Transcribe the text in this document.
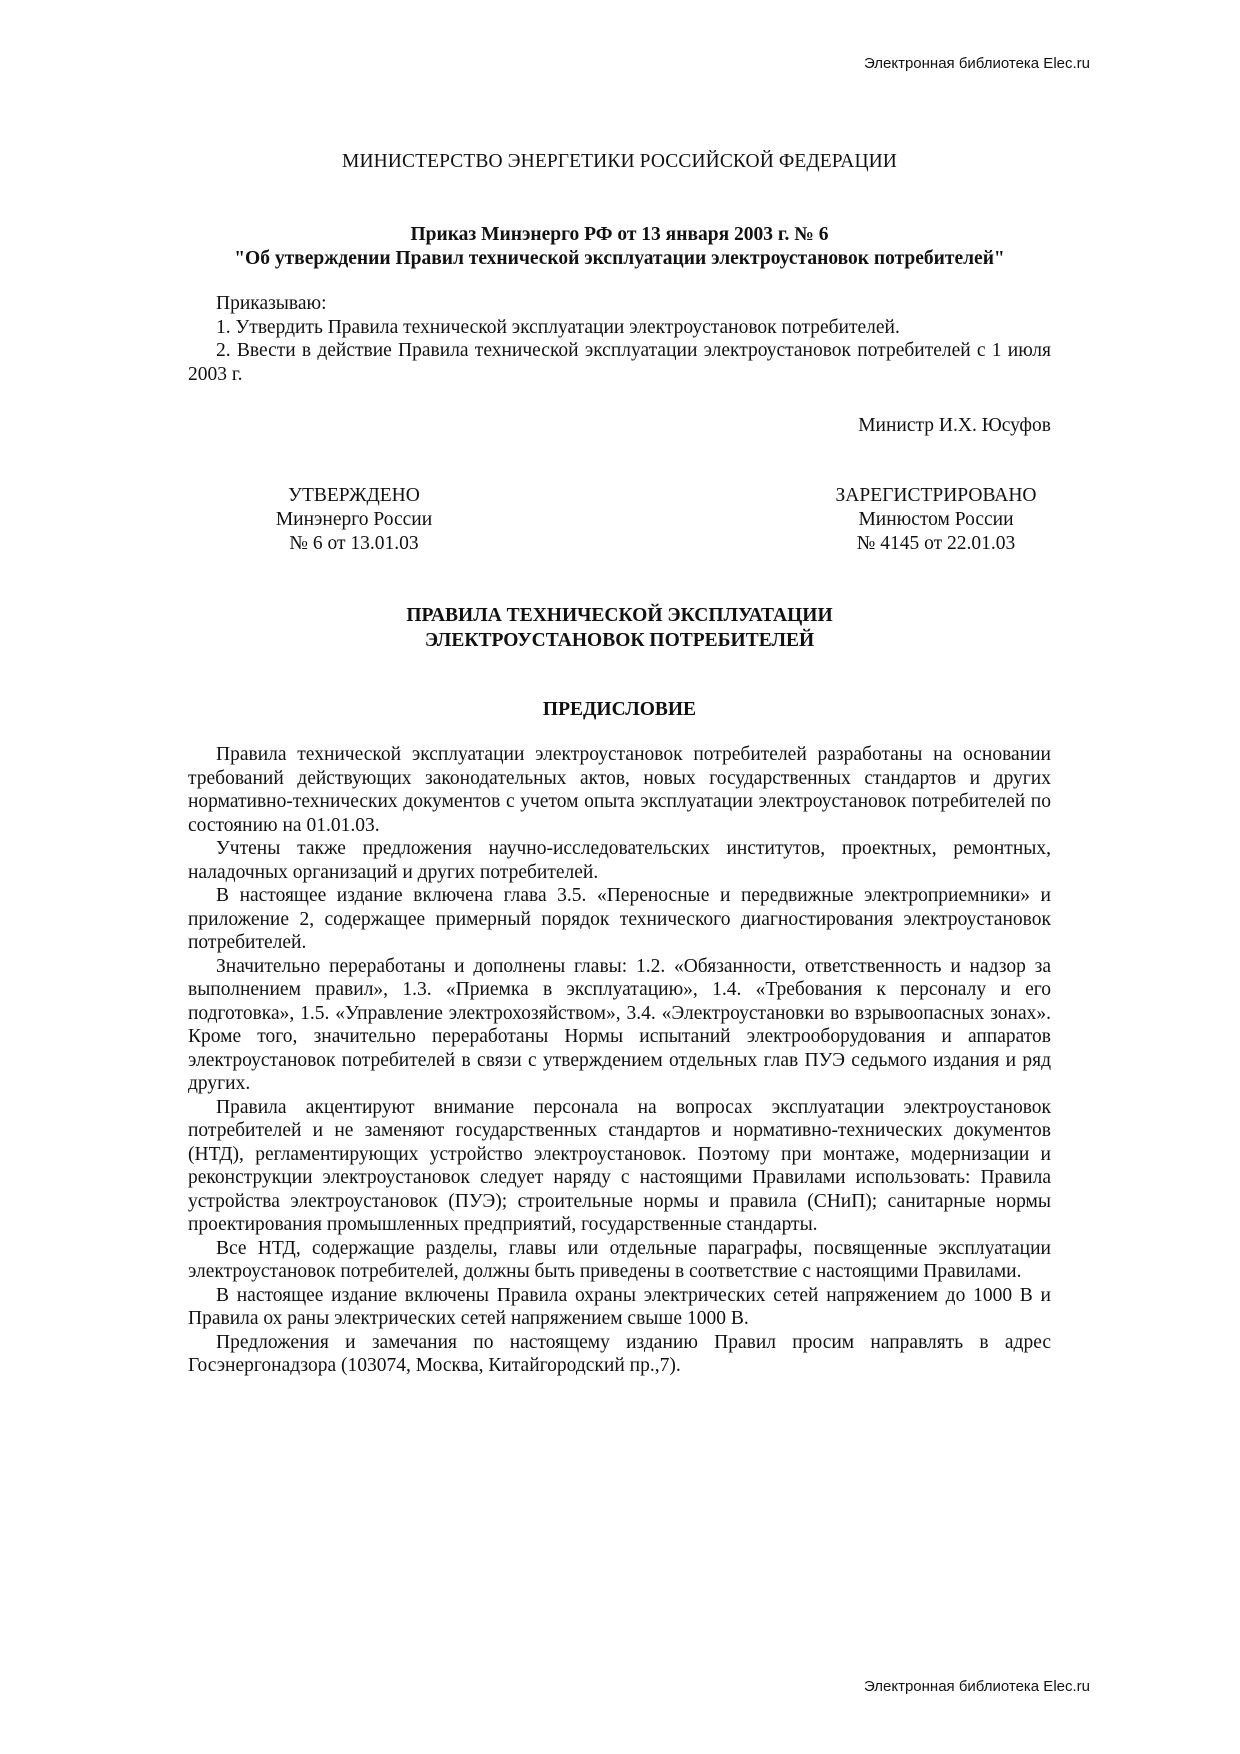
Электронная библиотека Elec.ru
МИНИСТЕРСТВО ЭНЕРГЕТИКИ РОССИЙСКОЙ ФЕДЕРАЦИИ
Приказ Минэнерго РФ от 13 января 2003 г. № 6
"Об утверждении Правил технической эксплуатации электроустановок потребителей"

Приказываю:

1. Утвердить Правила технической эксплуатации электроустановок потребителей.

2. Ввести в действие Правила технической эксплуатации электроустановок потребителей с 1 июля 2003 г.

Министр И.Х. Юсуфов
УТВЕРЖДЕНО
Минэнерго России
№ 6 от 13.01.03
ЗАРЕГИСТРИРОВАНО
Минюстом России
№ 4145 от 22.01.03
ПРАВИЛА ТЕХНИЧЕСКОЙ ЭКСПЛУАТАЦИИ
ЭЛЕКТРОУСТАНОВОК ПОТРЕБИТЕЛЕЙ
ПРЕДИСЛОВИЕ

Правила технической эксплуатации электроустановок потребителей разработаны на основании требований действующих законодательных актов, новых государственных стандартов и других нормативно-технических документов с учетом опыта эксплуатации электроустановок потребителей по состоянию на 01.01.03.

Учтены также предложения научно-исследовательских институтов, проектных, ремонтных, наладочных организаций и других потребителей.

В настоящее издание включена глава 3.5. «Переносные и передвижные электроприемники» и приложение 2, содержащее примерный порядок технического диагностирования электроустановок потребителей.

Значительно переработаны и дополнены главы: 1.2. «Обязанности, ответственность и надзор за выполнением правил», 1.3. «Приемка в эксплуатацию», 1.4. «Требования к персоналу и его подготовка», 1.5. «Управление электрохозяйством», 3.4. «Электроустановки во взрывоопасных зонах». Кроме того, значительно переработаны Нормы испытаний электрооборудования и аппаратов электроустановок потребителей в связи с утверждением отдельных глав ПУЭ седьмого издания и ряд других.

Правила акцентируют внимание персонала на вопросах эксплуатации электроустановок потребителей и не заменяют государственных стандартов и нормативно-технических документов (НТД), регламентирующих устройство электроустановок. Поэтому при монтаже, модернизации и реконструкции электроустановок следует наряду с настоящими Правилами использовать: Правила устройства электроустановок (ПУЭ); строительные нормы и правила (СНиП); санитарные нормы проектирования промышленных предприятий, государственные стандарты.

Все НТД, содержащие разделы, главы или отдельные параграфы, посвященные эксплуатации электроустановок потребителей, должны быть приведены в соответствие с настоящими Правилами.

В настоящее издание включены Правила охраны электрических сетей напряжением до 1000 В и Правила ох раны электрических сетей напряжением свыше 1000 В.

Предложения и замечания по настоящему изданию Правил просим направлять в адрес Госэнергонадзора (103074, Москва, Китайгородский пр.,7).

Электронная библиотека Elec.ru
